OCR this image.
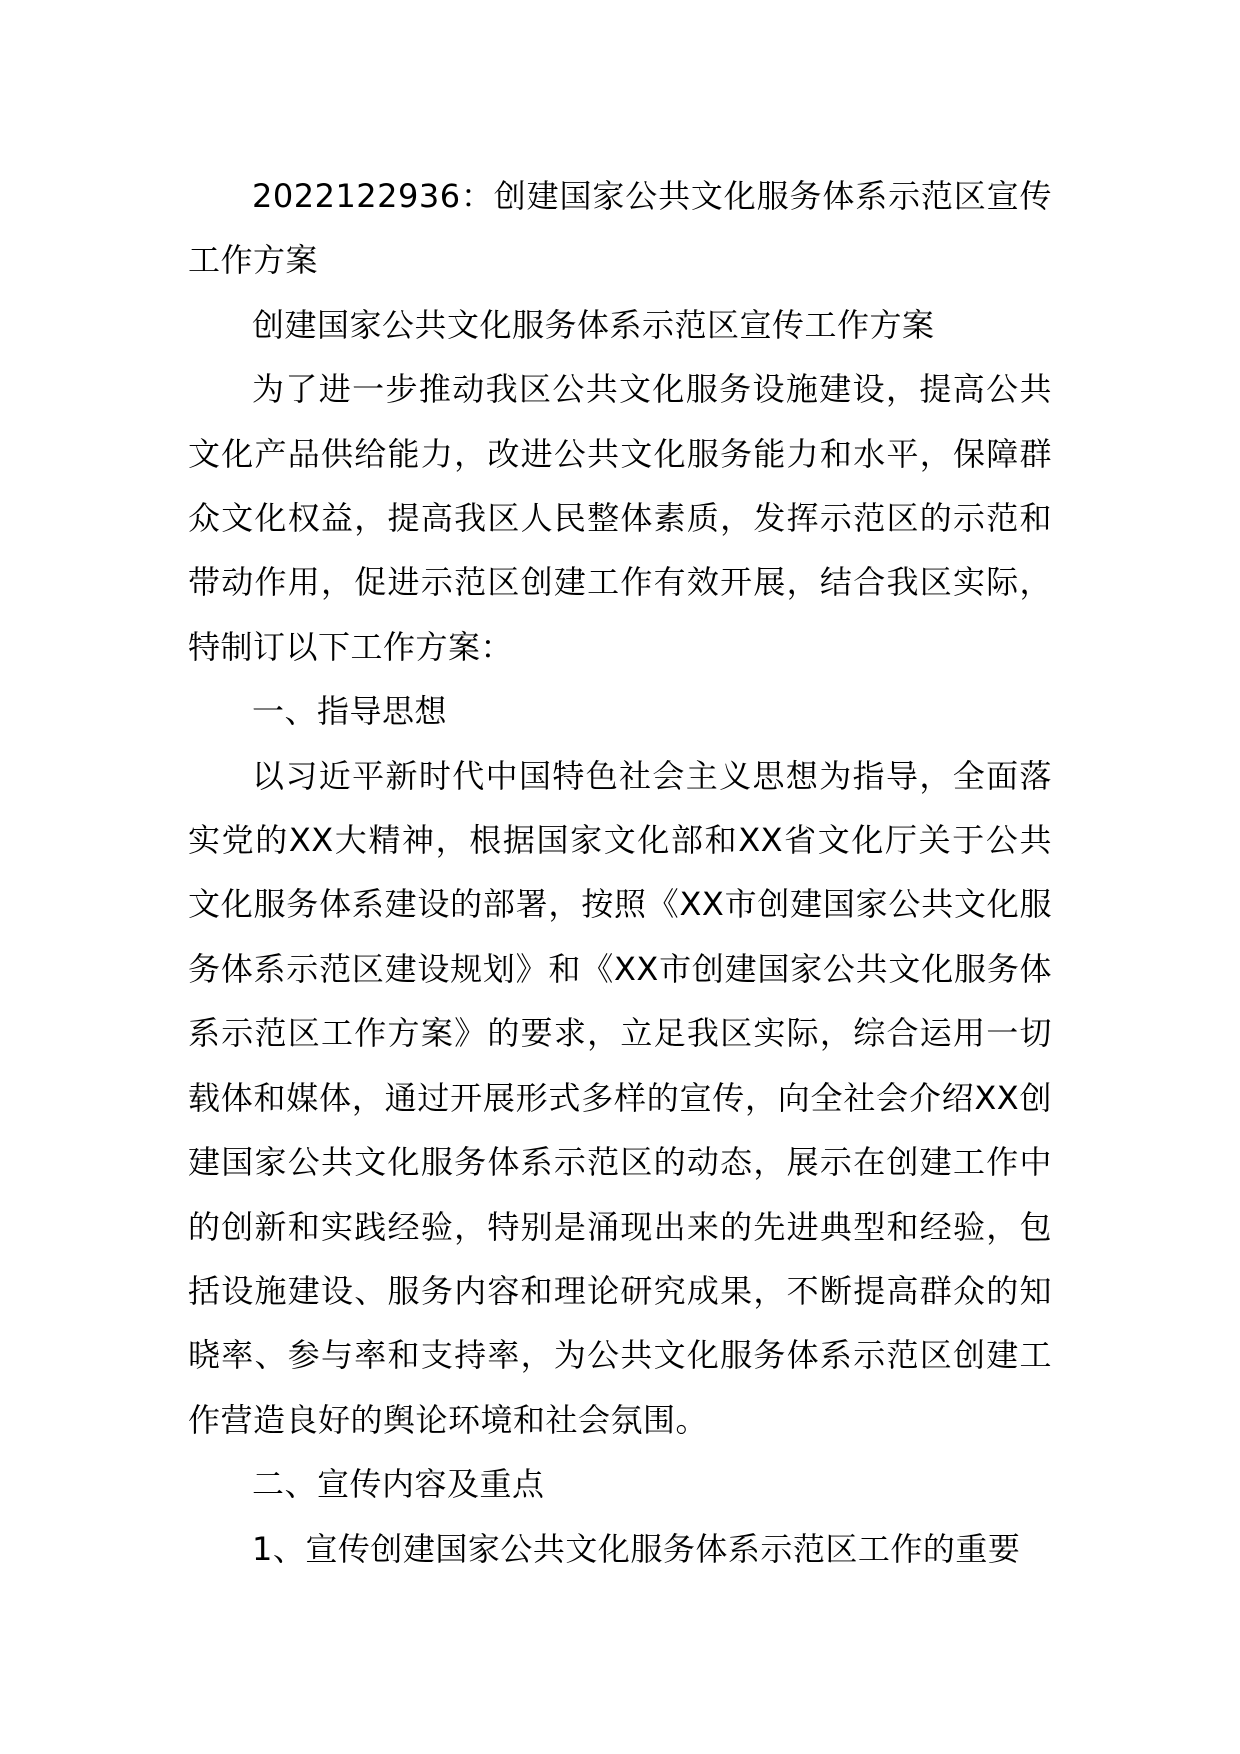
2022122936：创建国家公共文化服务体系示范区宣传工作方案

创建国家公共文化服务体系示范区宣传工作方案

为了进一步推动我区公共文化服务设施建设，提高公共文化产品供给能力，改进公共文化服务能力和水平，保障群众文化权益，提高我区人民整体素质，发挥示范区的示范和带动作用，促进示范区创建工作有效开展，结合我区实际，特制订以下工作方案：

一、指导思想

以习近平新时代中国特色社会主义思想为指导，全面落实党的XX大精神，根据国家文化部和XX省文化厅关于公共文化服务体系建设的部署，按照《XX市创建国家公共文化服务体系示范区建设规划》和《XX市创建国家公共文化服务体系示范区工作方案》的要求，立足我区实际，综合运用一切载体和媒体，通过开展形式多样的宣传，向全社会介绍XX创建国家公共文化服务体系示范区的动态，展示在创建工作中的创新和实践经验，特别是涌现出来的先进典型和经验，包括设施建设、服务内容和理论研究成果，不断提高群众的知晓率、参与率和支持率，为公共文化服务体系示范区创建工作营造良好的舆论环境和社会氛围。

二、宣传内容及重点

1、宣传创建国家公共文化服务体系示范区工作的重要
